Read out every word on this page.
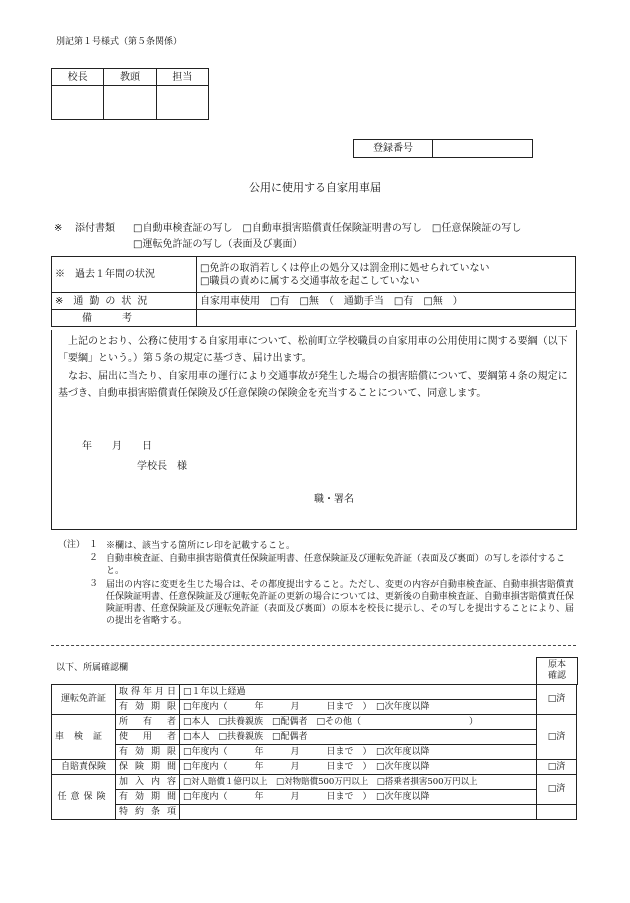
別記第１号様式（第５条関係）
校長	教頭	担当

登録番号	
公用に使用する自家用車届
※ 添付書類 □自動車検査証の写し　□自動車損害賠償責任保険証明書の写し　□任意保険証の写し
□運転免許証の写し（表面及び裏面）
※　 過去１年間の状況	□免許の取消若しくは停止の処分又は罰金刑に処せられていない
□職員の責めに属する交通事故を起こしていない

※　 通勤の状況	自家用車使用　□有　□無　（　通勤手当　□有　□無　）
備　　　考	
　上記のとおり、公務に使用する自家用車について、松前町立学校職員の自家用車の公用使用に関する要綱（以下「要綱」という。）第５条の規定に基づき、届け出ます。
　なお、届出に当たり、自家用車の運行により交通事故が発生した場合の損害賠償について、要綱第４条の規定に基づき、自動車損害賠償責任保険及び任意保険の保険金を充当することについて、同意します。
年　　月　　日
学校長　様
職・署名
（注） １ ※欄は、該当する箇所にレ印を記載すること。
２ 自動車検査証、自動車損害賠償責任保険証明書、任意保険証及び運転免許証（表面及び裏面）の写しを添付すること。
３ 届出の内容に変更を生じた場合は、その都度提出すること。ただし、変更の内容が自動車検査証、自動車損害賠償責任保険証明書、任意保険証及び運転免許証の更新の場合については、更新後の自動車検査証、自動車損害賠償責任保険証明書、任意保険証及び運転免許証（表面及び裏面）の原本を校長に提示し、その写しを提出することにより、届の提出を省略する。
以下、所属確認欄	原本確認
運転免許証	取得年月日	□１年以上経過	□済
	有効期限	□年度内（　　　年　　　月　　　日まで　）　□次年度以降	
車検証	所有者	□本人　□扶養親族　□配偶者　□その他（　　　　　　　　　　　　）	□済
	使用者	□本人　□扶養親族　□配偶者	
	有効期限	□年度内（　　　年　　　月　　　日まで　）　□次年度以降	
自賠責保険	保険期間	□年度内（　　　年　　　月　　　日まで　）　□次年度以降	□済
任意保険	加入内容	□対人賠償１億円以上　□対物賠償500万円以上　□搭乗者損害500万円以上	□済
	有効期間	□年度内（　　　年　　　月　　　日まで　）　□次年度以降	
	特約条項		
